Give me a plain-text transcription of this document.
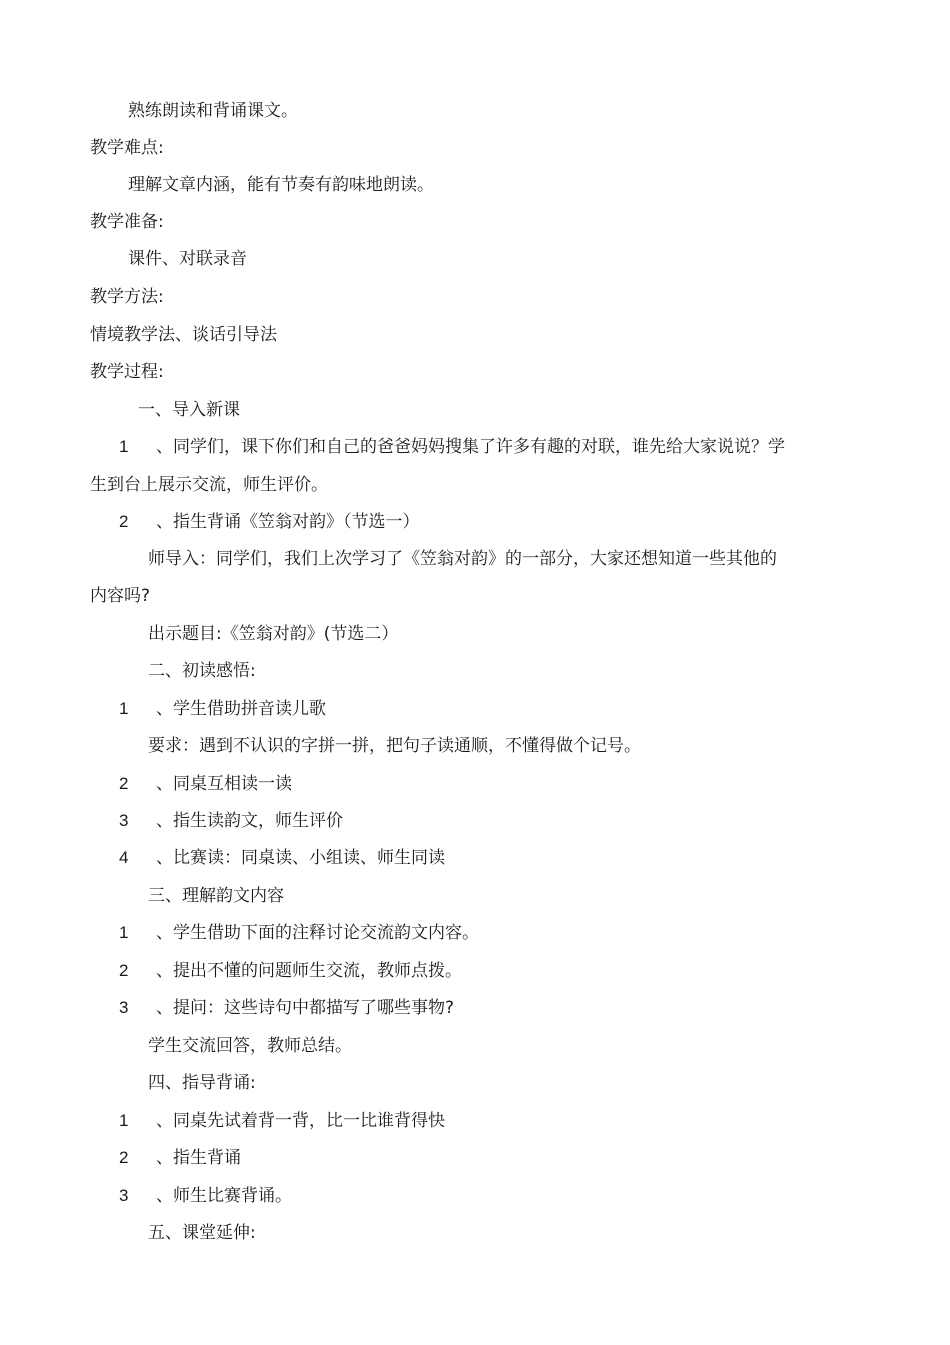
熟练朗读和背诵课文。
教学难点:
理解文章内涵，能有节奏有韵味地朗读。
教学准备:
课件、对联录音
教学方法:
情境教学法、谈话引导法
教学过程:
一、导入新课
1 、同学们，课下你们和自己的爸爸妈妈搜集了许多有趣的对联，谁先给大家说说？学
生到台上展示交流，师生评价。
2 、指生背诵《笠翁对韵》（节选一）
师导入：同学们，我们上次学习了《笠翁对韵》的一部分，大家还想知道一些其他的
内容吗?
出示题目:《笠翁对韵》(节选二）
二、初读感悟:
1 、学生借助拼音读儿歌
要求：遇到不认识的字拼一拼，把句子读通顺，不懂得做个记号。
2 、同桌互相读一读
3 、指生读韵文，师生评价
4 、比赛读：同桌读、小组读、师生同读
三、理解韵文内容
1 、学生借助下面的注释讨论交流韵文内容。
2 、提出不懂的问题师生交流，教师点拨。
3 、提问：这些诗句中都描写了哪些事物?
学生交流回答，教师总结。
四、指导背诵:
1 、同桌先试着背一背，比一比谁背得快
2 、指生背诵
3 、师生比赛背诵。
五、课堂延伸:
